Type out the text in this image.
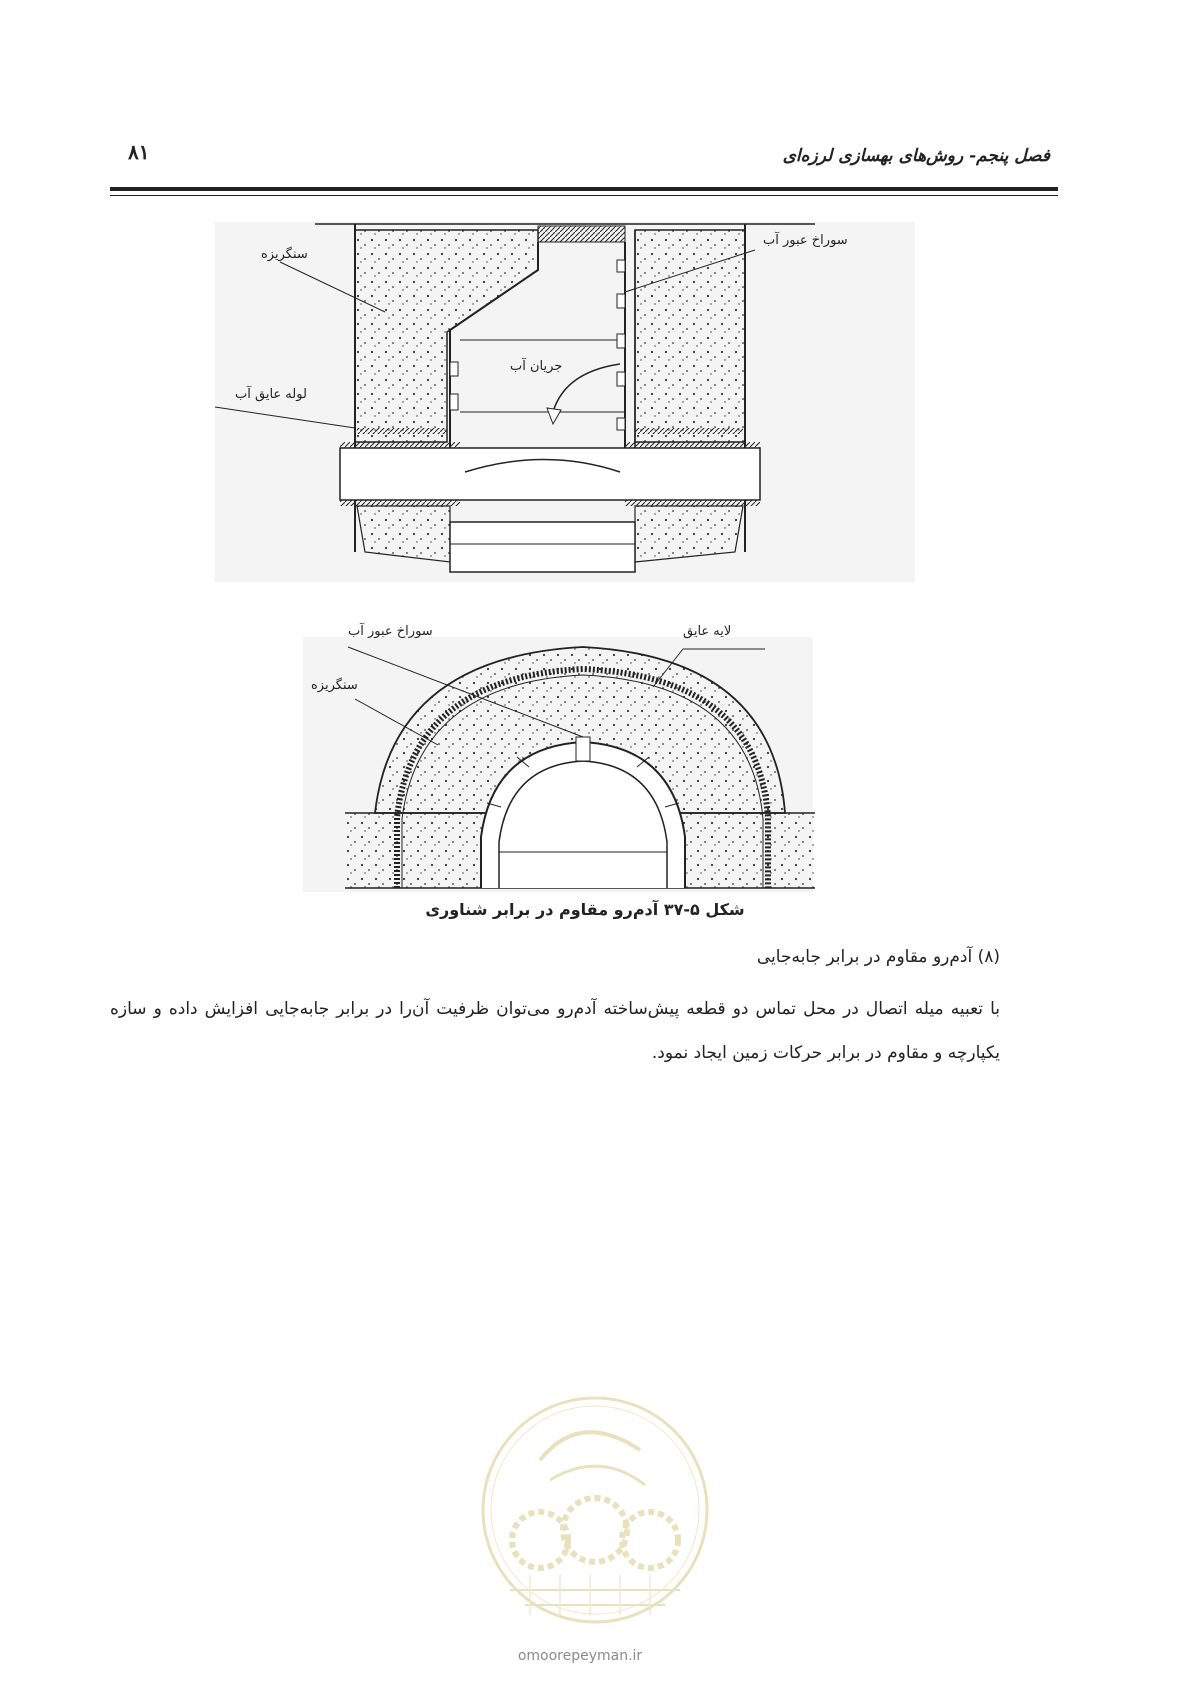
۸۱	فصل پنجم- روش‌های بهسازی لرزه‌ای
سنگریزه
سوراخ عبور آب
جریان آب
لوله عایق آب
سوراخ عبور آب	لایه عایق
سنگریزه
شکل ۵-۳۷ آدم‌رو مقاوم در برابر شناوری
(۸) آدم‌رو مقاوم در برابر جابه‌جایی
با تعبیه میله اتصال در محل تماس دو قطعه پیش‌ساخته آدم‌رو می‌توان ظرفیت آن‌را در برابر جابه‌جایی افزایش داده و سازه یکپارچه و مقاوم در برابر حرکات زمین ایجاد نمود.
omoorepeyman.ir
